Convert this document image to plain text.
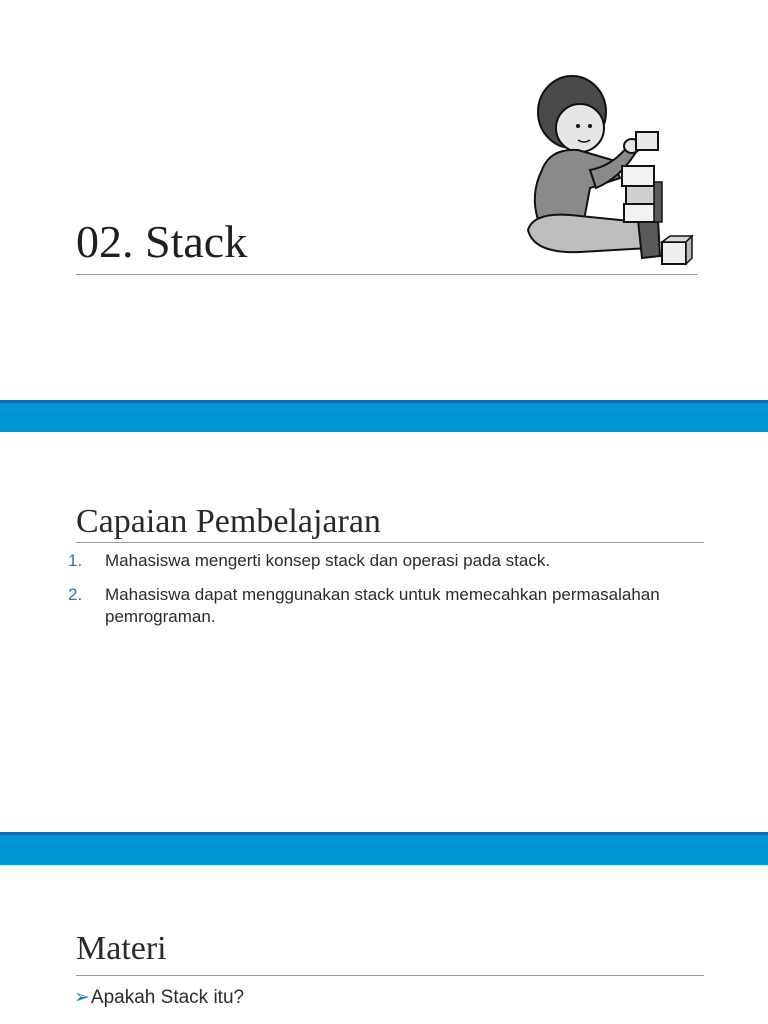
02. Stack
Capaian Pembelajaran
1.	Mahasiswa mengerti konsep stack dan operasi pada stack.
2.	Mahasiswa dapat menggunakan stack untuk memecahkan permasalahan pemrograman.
Materi
➢Apakah Stack itu?
